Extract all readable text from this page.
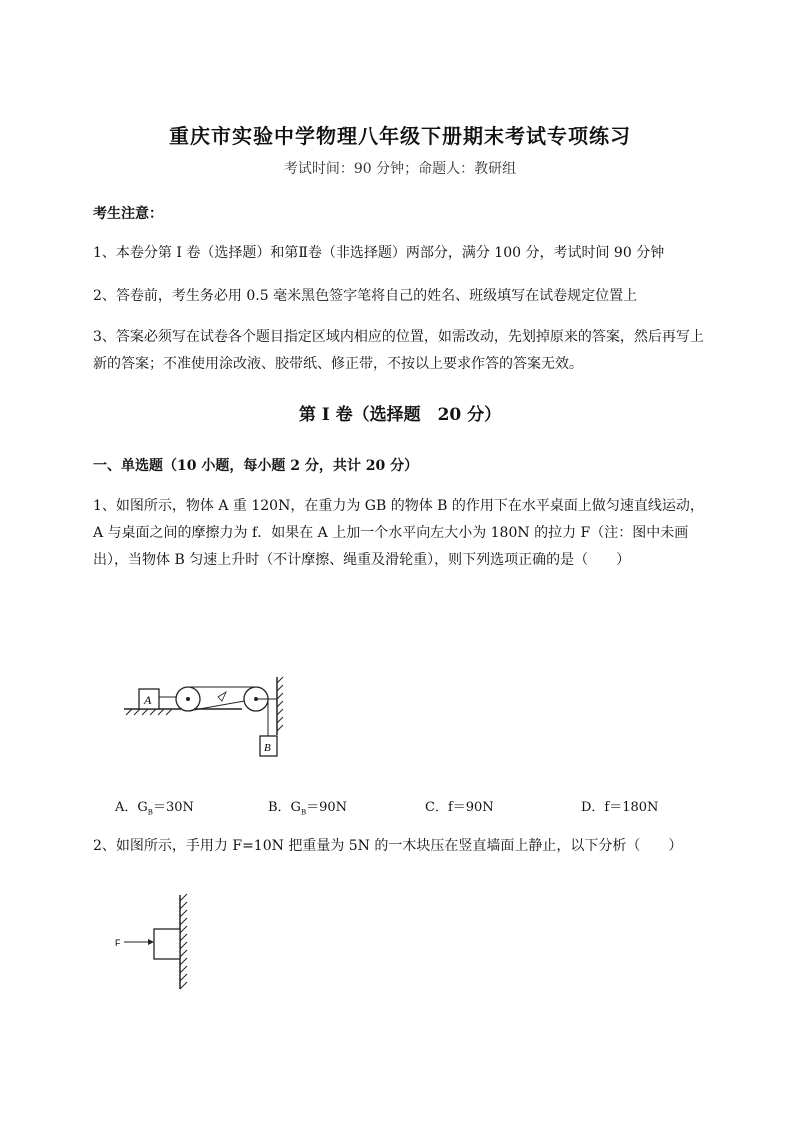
重庆市实验中学物理八年级下册期末考试专项练习
考试时间：90 分钟；命题人：教研组
考生注意：
1、本卷分第 I 卷（选择题）和第Ⅱ卷（非选择题）两部分，满分 100 分，考试时间 90 分钟
2、答卷前，考生务必用 0.5 毫米黑色签字笔将自己的姓名、班级填写在试卷规定位置上
3、答案必须写在试卷各个题目指定区域内相应的位置，如需改动，先划掉原来的答案，然后再写上新的答案；不准使用涂改液、胶带纸、修正带，不按以上要求作答的答案无效。
第 I 卷（选择题　20 分）
一、单选题（10 小题，每小题 2 分，共计 20 分）
1、如图所示，物体 A 重 120N，在重力为 GB 的物体 B 的作用下在水平桌面上做匀速直线运动，A 与桌面之间的摩擦力为 f．如果在 A 上加一个水平向左大小为 180N 的拉力 F（注：图中未画出），当物体 B 匀速上升时（不计摩擦、绳重及滑轮重），则下列选项正确的是（　　）
A
B
A．$G_B=30N$	B．$G_B=90N$	C．f＝90N	D．f＝180N
2、如图所示，手用力 F=10N 把重量为 5N 的一木块压在竖直墙面上静止，以下分析（　　）
F
